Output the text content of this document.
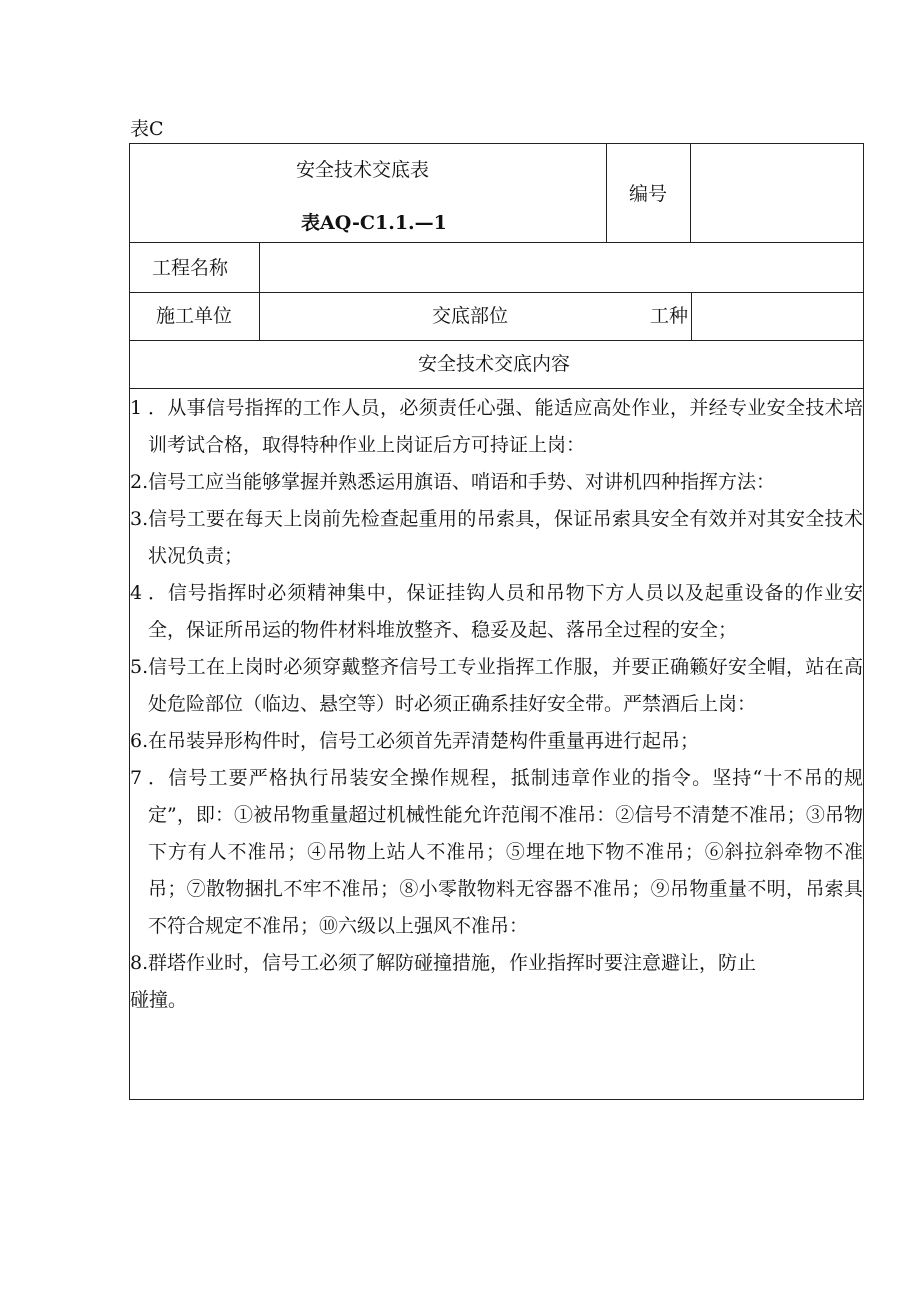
表C
安全技术交底表
表AQ-C1.1.—1
编号
工程名称
施工单位	交底部位	工种
安全技术交底内容
1 ．从事信号指挥的工作人员，必须责任心强、能适应高处作业，并经专业安全技术培训考试合格，取得特种作业上岗证后方可持证上岗：
2. 信号工应当能够掌握并熟悉运用旗语、哨语和手势、对讲机四种指挥方法：
3. 信号工要在每天上岗前先检查起重用的吊索具，保证吊索具安全有效并对其安全技术状况负责；
4 ．信号指挥时必须精神集中，保证挂钩人员和吊物下方人员以及起重设备的作业安全，保证所吊运的物件材料堆放整齐、稳妥及起、落吊全过程的安全；
5. 信号工在上岗时必须穿戴整齐信号工专业指挥工作服，并要正确籁好安全帽，站在高处危险部位（临边、悬空等）时必须正确系挂好安全带。严禁酒后上岗：
6. 在吊装异形构件时，信号工必须首先弄清楚构件重量再进行起吊；
7 ．信号工要严格执行吊装安全操作规程，抵制违章作业的指令。坚持“十不吊的规定”，即：①被吊物重量超过机械性能允许范闱不准吊：②信号不清楚不准吊；③吊物下方有人不准吊；④吊物上站人不准吊；⑤埋在地下物不准吊；⑥斜拉斜牵物不准吊；⑦散物捆扎不牢不准吊；⑧小零散物料无容器不准吊；⑨吊物重量不明，吊索具不符合规定不准吊；⑩六级以上强风不准吊：
8. 群塔作业时，信号工必须了解防碰撞措施，作业指挥时要注意避让，防止
碰撞。
